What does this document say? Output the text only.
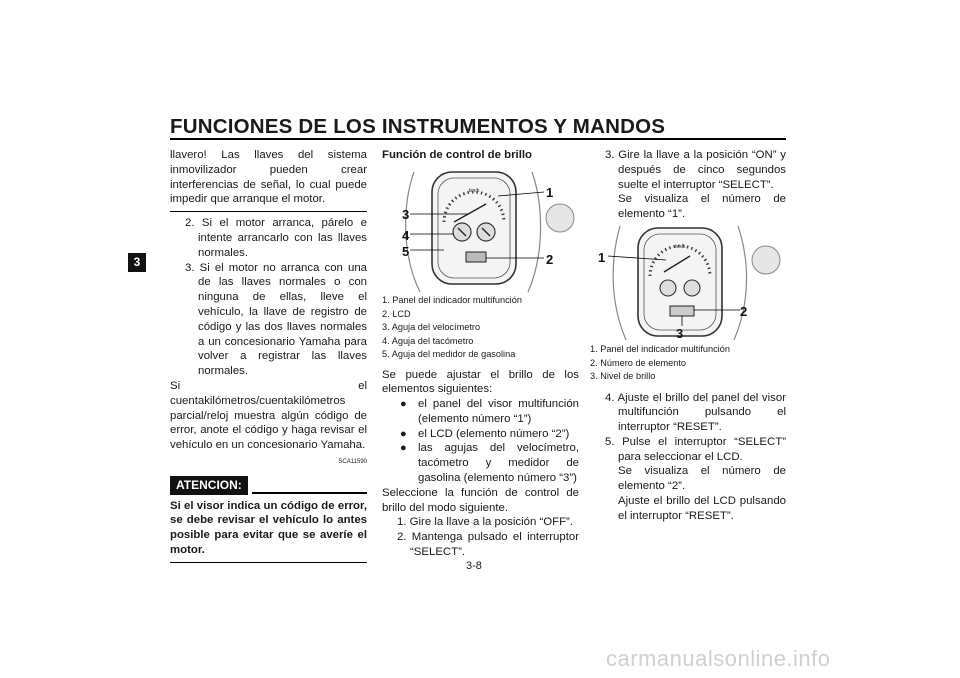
FUNCIONES DE LOS INSTRUMENTOS Y MANDOS
3

llavero! Las llaves del sistema inmovilizador pueden crear interferencias de señal, lo cual puede impedir que arranque el motor.

2. Si el motor arranca, párelo e intente arrancarlo con las llaves normales.

3. Si el motor no arranca con una de las llaves normales o con ninguna de ellas, lleve el vehículo, la llave de registro de código y las dos llaves normales a un concesionario Yamaha para volver a registrar las llaves normales.

Si el cuentakilómetros/cuentakilómetros parcial/reloj muestra algún código de error, anote el código y haga revisar el vehículo en un concesionario Yamaha.

SCA11590
ATENCION:

Si el visor indica un código de error, se debe revisar el vehículo lo antes posible para evitar que se averíe el motor.

Función de control de brillo

km/h	1
2
3
4
5
1. Panel del indicador multifunción
2. LCD
3. Aguja del velocímetro
4. Aguja del tacómetro
5. Aguja del medidor de gasolina

Se puede ajustar el brillo de los elementos siguientes:

● el panel del visor multifunción (elemento número “1”)

● el LCD (elemento número “2”)

● las agujas del velocímetro, tacómetro y medidor de gasolina (elemento número “3”)

Seleccione la función de control de brillo del modo siguiente.

1. Gire la llave a la posición “OFF”.

2. Mantenga pulsado el interruptor “SELECT”.

3. Gire la llave a la posición “ON” y después de cinco segundos suelte el interruptor “SELECT”.

Se visualiza el número de elemento “1”.

km/h
1
2
3
1. Panel del indicador multifunción
2. Número de elemento
3. Nivel de brillo

4. Ajuste el brillo del panel del visor multifunción pulsando el interruptor “RESET”.

5. Pulse el interruptor “SELECT” para seleccionar el LCD.

Se visualiza el número de elemento “2”.

Ajuste el brillo del LCD pulsando el interruptor “RESET”.

3-8
carmanualsonline.info
